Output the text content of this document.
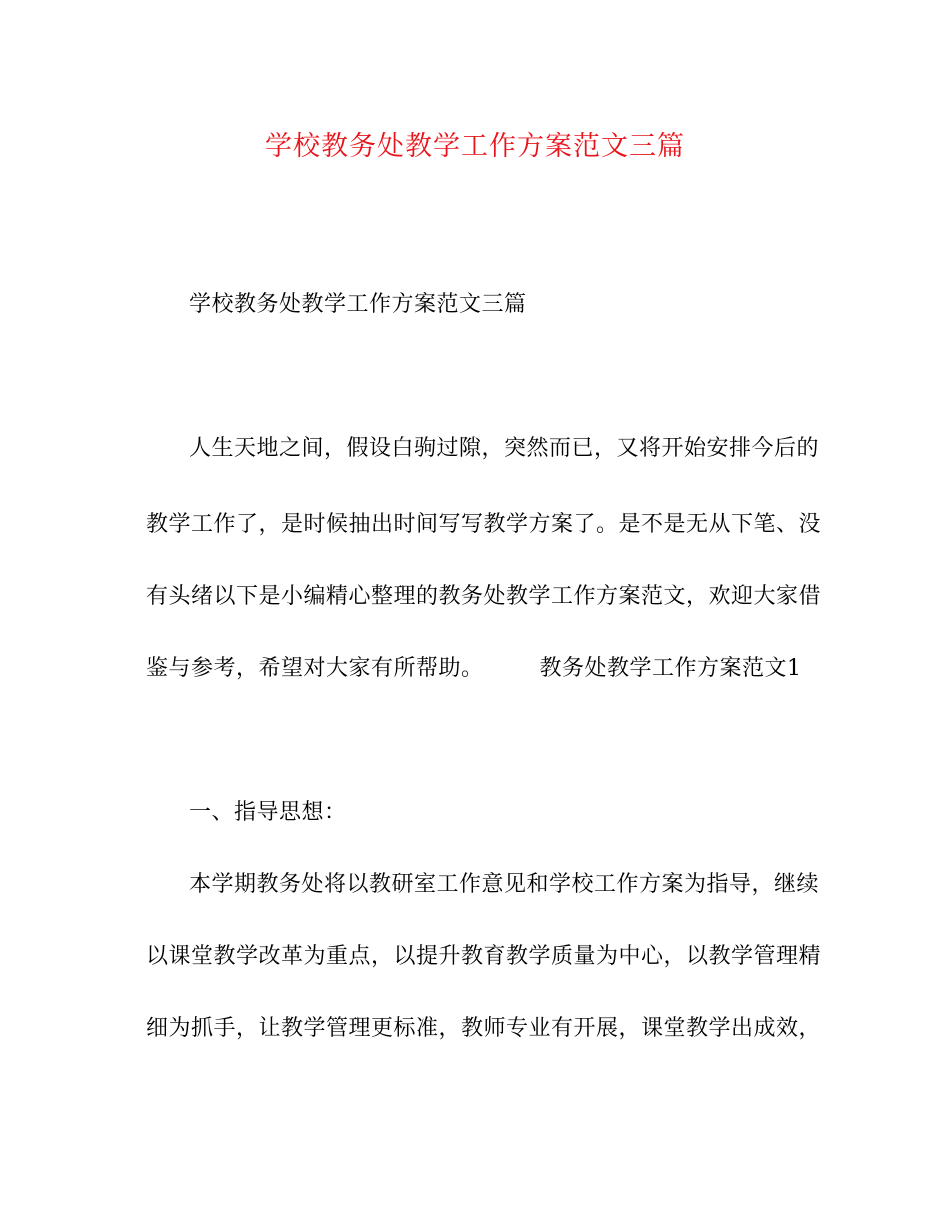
学校教务处教学工作方案范文三篇
学校教务处教学工作方案范文三篇
人生天地之间，假设白驹过隙，突然而已，又将开始安排今后的
教学工作了，是时候抽出时间写写教学方案了。是不是无从下笔、没
有头绪以下是小编精心整理的教务处教学工作方案范文，欢迎大家借
鉴与参考，希望对大家有所帮助。	教务处教学工作方案范文1
一、指导思想：
本学期教务处将以教研室工作意见和学校工作方案为指导，继续
以课堂教学改革为重点，以提升教育教学质量为中心，以教学管理精
细为抓手，让教学管理更标准，教师专业有开展，课堂教学出成效，
